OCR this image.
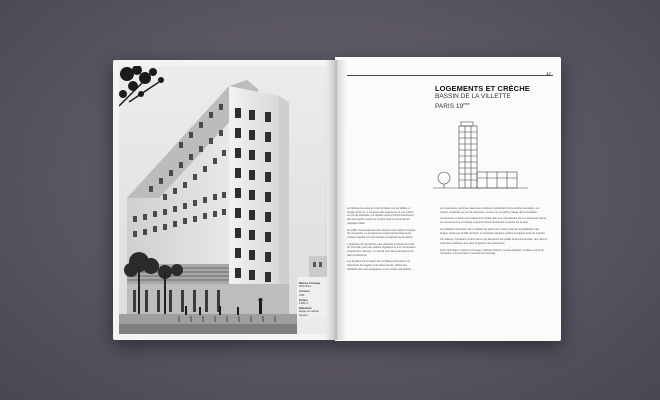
Maîtrise d'ouvrage
RIVP, Paris
Livraison
1996
Surface
6 800 m²
Réalisation
Équipe de maîtrise d'œuvre
17
LOGEMENTS ET CRÈCHE
BASSIN DE LA VILLETTE
PARIS 19ème

Le bâtiment se situe en bord de bassin de La Villette, à l'angle de la rue. Il comporte des logements et une crèche en rez-de-chaussée. La façade reprend l'ordonnancement des immeubles voisins et s'inscrit dans la continuité du paysage urbain.

En 1992, l'aménagement des abords a été confié à l'équipe de conception. Le programme comprend des logements sociaux répartis sur neuf niveaux au-dessus de la crèche.

L'opération de l'architecte s'est attachée à préserver l'unité du front bâti, avec des saillies régulières et une composition soignée des volumes, en accord avec les prescriptions du plan d'urbanisme.

Les façades sur le bassin de La Villette présentent une alternance de loggias et de baies vitrées, offrant aux habitants des vues dégagées et une lumière abondante.

Les logements, généreux dans leurs surfaces, bénéficient d'une double orientation. La crèche, implantée au rez-de-chaussée, s'ouvre sur un jardin protégé de la circulation.

La structure en béton est revêtue d'un enduit clair. Les menuiseries sont en aluminium laqué. Le couronnement en attique marque la limite de hauteur imposée sur le quai.

La réalisation du bassin de La Villette fait partie d'un vaste projet de requalification des berges, lancé par la Ville de Paris, et associant espaces publics et équipements de quartier.

Par ailleurs, l'opération s'inscrit dans une démarche de qualité environnementale, tant dans le choix des matériaux que dans la gestion des ressources.

Fiche technique: maîtrise d'ouvrage, maîtrise d'œuvre, bureau d'études, surface et coût de l'opération sont précisés en annexe de l'ouvrage.
